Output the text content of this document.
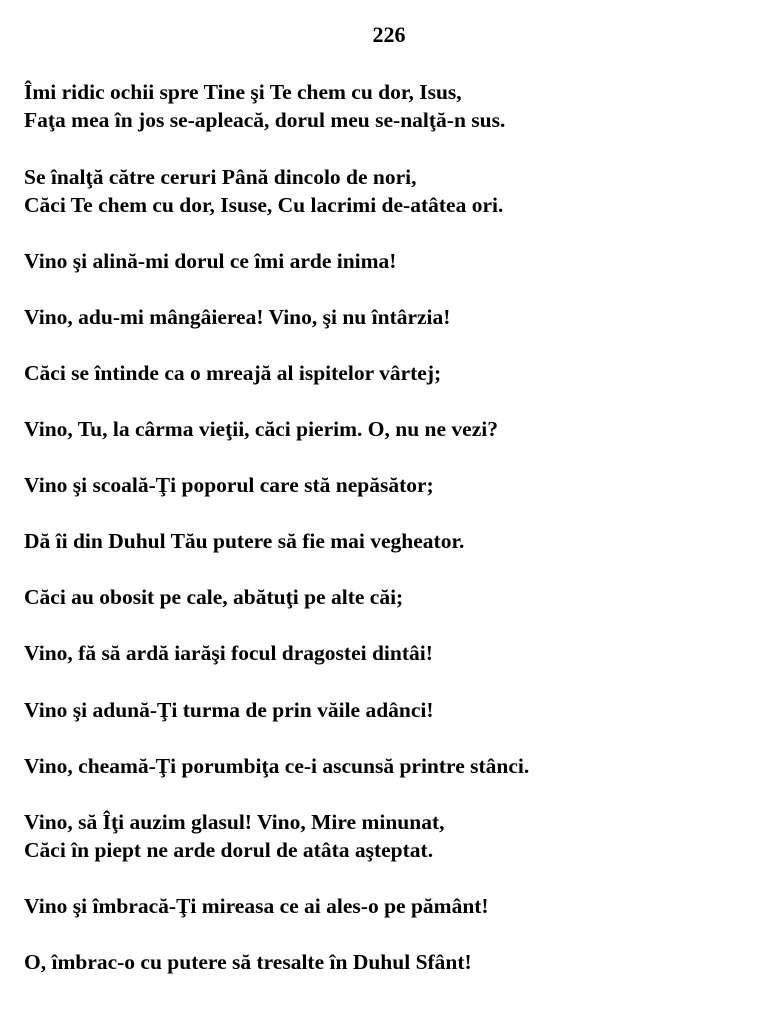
226
Îmi ridic ochii spre Tine şi Te chem cu dor, Isus,
Faţa mea în jos se-apleacă, dorul meu se-nalţă-n sus.
Se înalţă către ceruri Până dincolo de nori,
Căci Te chem cu dor, Isuse, Cu lacrimi de-atâtea ori.
Vino şi alină-mi dorul ce îmi arde inima!
Vino, adu-mi mângâierea! Vino, şi nu întârzia!
Căci se întinde ca o mreajă al ispitelor vârtej;
Vino, Tu, la cârma vieţii, căci pierim. O, nu ne vezi?
Vino şi scoală-Ţi poporul care stă nepăsător;
Dă îi din Duhul Tău putere să fie mai vegheator.
Căci au obosit pe cale, abătuţi pe alte căi;
Vino, fă să ardă iarăşi focul dragostei dintâi!
Vino şi adună-Ţi turma de prin văile adânci!
Vino, cheamă-Ţi porumbiţa ce-i ascunsă printre stânci.
Vino, să Îţi auzim glasul! Vino, Mire minunat,
Căci în piept ne arde dorul de atâta aşteptat.
Vino şi îmbracă-Ţi mireasa ce ai ales-o pe pământ!
O, îmbrac-o cu putere să tresalte în Duhul Sfânt!
